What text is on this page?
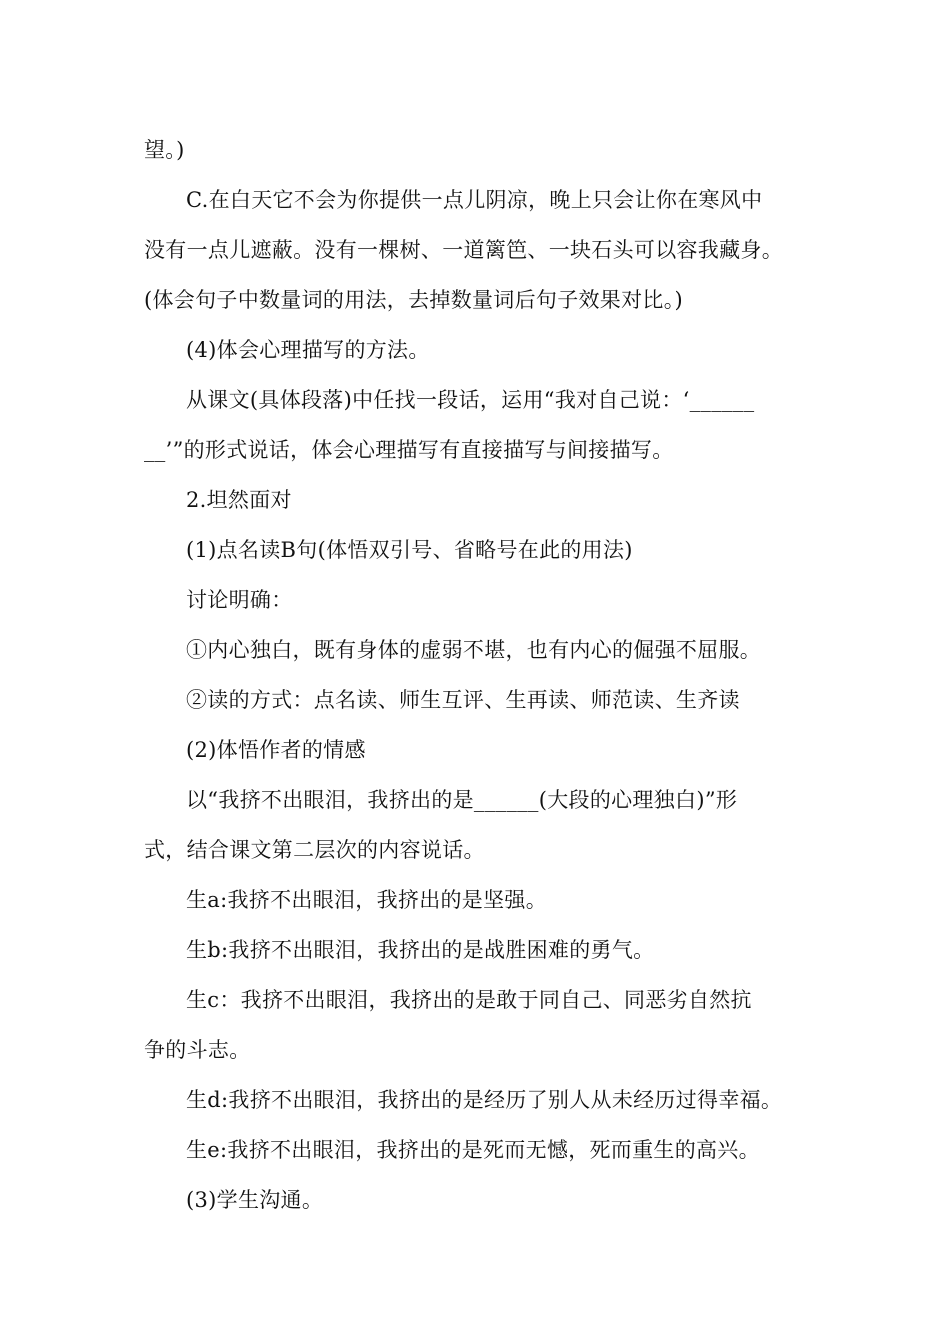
望。)
C.在白天它不会为你提供一点儿阴凉，晚上只会让你在寒风中
没有一点儿遮蔽。没有一棵树、一道篱笆、一块石头可以容我藏身。
(体会句子中数量词的用法，去掉数量词后句子效果对比。)
(4)体会心理描写的方法。
从课文(具体段落)中任找一段话，运用“我对自己说：‘______
__’”的形式说话，体会心理描写有直接描写与间接描写。
2.坦然面对
(1)点名读B句(体悟双引号、省略号在此的用法)
讨论明确：
①内心独白，既有身体的虚弱不堪，也有内心的倔强不屈服。
②读的方式：点名读、师生互评、生再读、师范读、生齐读
(2)体悟作者的情感
以“我挤不出眼泪，我挤出的是______(大段的心理独白)”形
式，结合课文第二层次的内容说话。
生a:我挤不出眼泪，我挤出的是坚强。
生b:我挤不出眼泪，我挤出的是战胜困难的勇气。
生c：我挤不出眼泪，我挤出的是敢于同自己、同恶劣自然抗
争的斗志。
生d:我挤不出眼泪，我挤出的是经历了别人从未经历过得幸福。
生e:我挤不出眼泪，我挤出的是死而无憾，死而重生的高兴。
(3)学生沟通。
